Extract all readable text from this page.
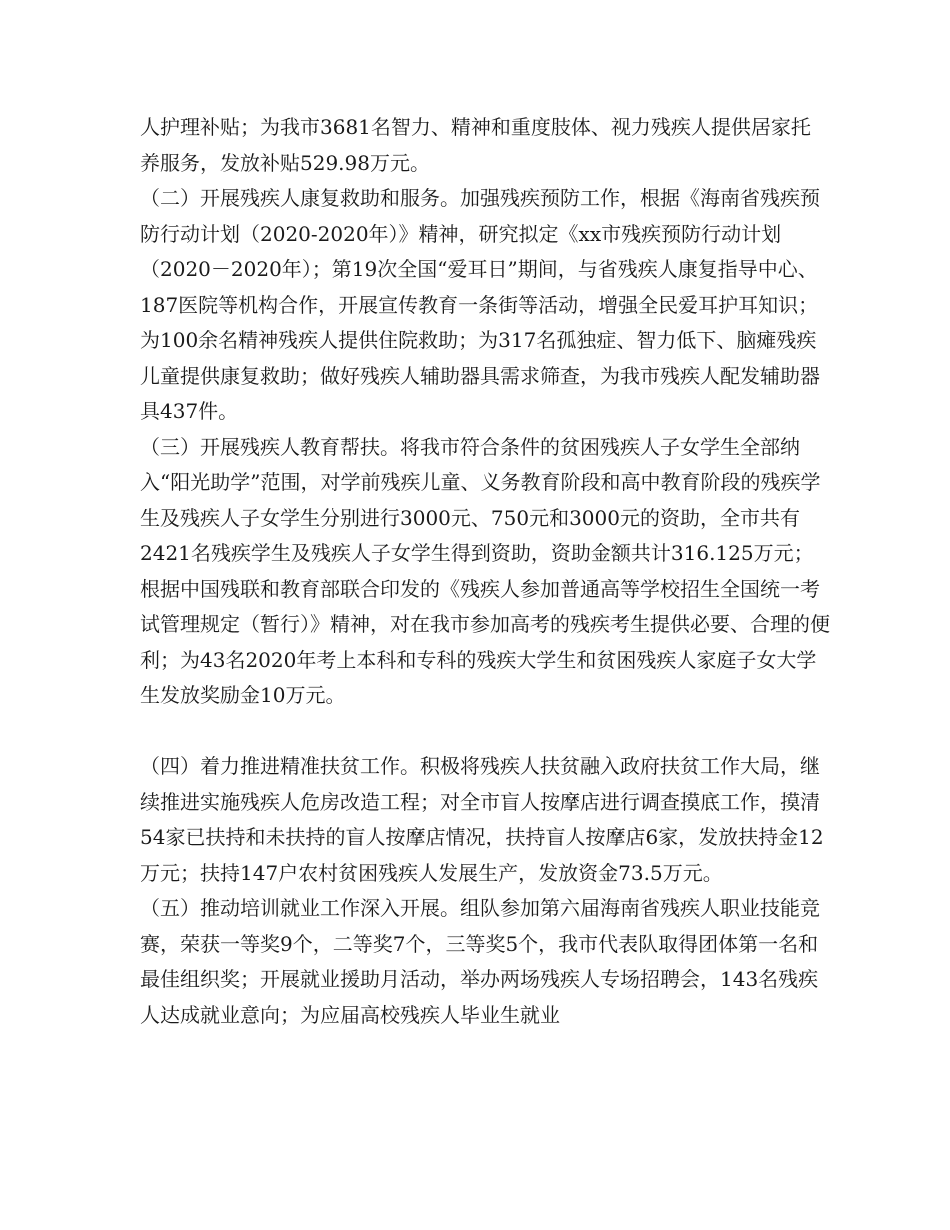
人护理补贴；为我市3681名智力、精神和重度肢体、视力残疾人提供居家托养服务，发放补贴529.98万元。

（二）开展残疾人康复救助和服务。加强残疾预防工作，根据《海南省残疾预防行动计划（2020-2020年）》精神，研究拟定《xx市残疾预防行动计划（2020－2020年）；第19次全国“爱耳日”期间，与省残疾人康复指导中心、187医院等机构合作，开展宣传教育一条街等活动，增强全民爱耳护耳知识；为100余名精神残疾人提供住院救助；为317名孤独症、智力低下、脑瘫残疾儿童提供康复救助；做好残疾人辅助器具需求筛查，为我市残疾人配发辅助器具437件。

（三）开展残疾人教育帮扶。将我市符合条件的贫困残疾人子女学生全部纳入“阳光助学”范围，对学前残疾儿童、义务教育阶段和高中教育阶段的残疾学生及残疾人子女学生分别进行3000元、750元和3000元的资助，全市共有2421名残疾学生及残疾人子女学生得到资助，资助金额共计316.125万元；根据中国残联和教育部联合印发的《残疾人参加普通高等学校招生全国统一考试管理规定（暂行）》精神，对在我市参加高考的残疾考生提供必要、合理的便利；为43名2020年考上本科和专科的残疾大学生和贫困残疾人家庭子女大学生发放奖励金10万元。

（四）着力推进精准扶贫工作。积极将残疾人扶贫融入政府扶贫工作大局，继续推进实施残疾人危房改造工程；对全市盲人按摩店进行调查摸底工作，摸清54家已扶持和未扶持的盲人按摩店情况，扶持盲人按摩店6家，发放扶持金12万元；扶持147户农村贫困残疾人发展生产，发放资金73.5万元。

（五）推动培训就业工作深入开展。组队参加第六届海南省残疾人职业技能竞赛，荣获一等奖9个，二等奖7个，三等奖5个，我市代表队取得团体第一名和最佳组织奖；开展就业援助月活动，举办两场残疾人专场招聘会，143名残疾人达成就业意向；为应届高校残疾人毕业生就业
